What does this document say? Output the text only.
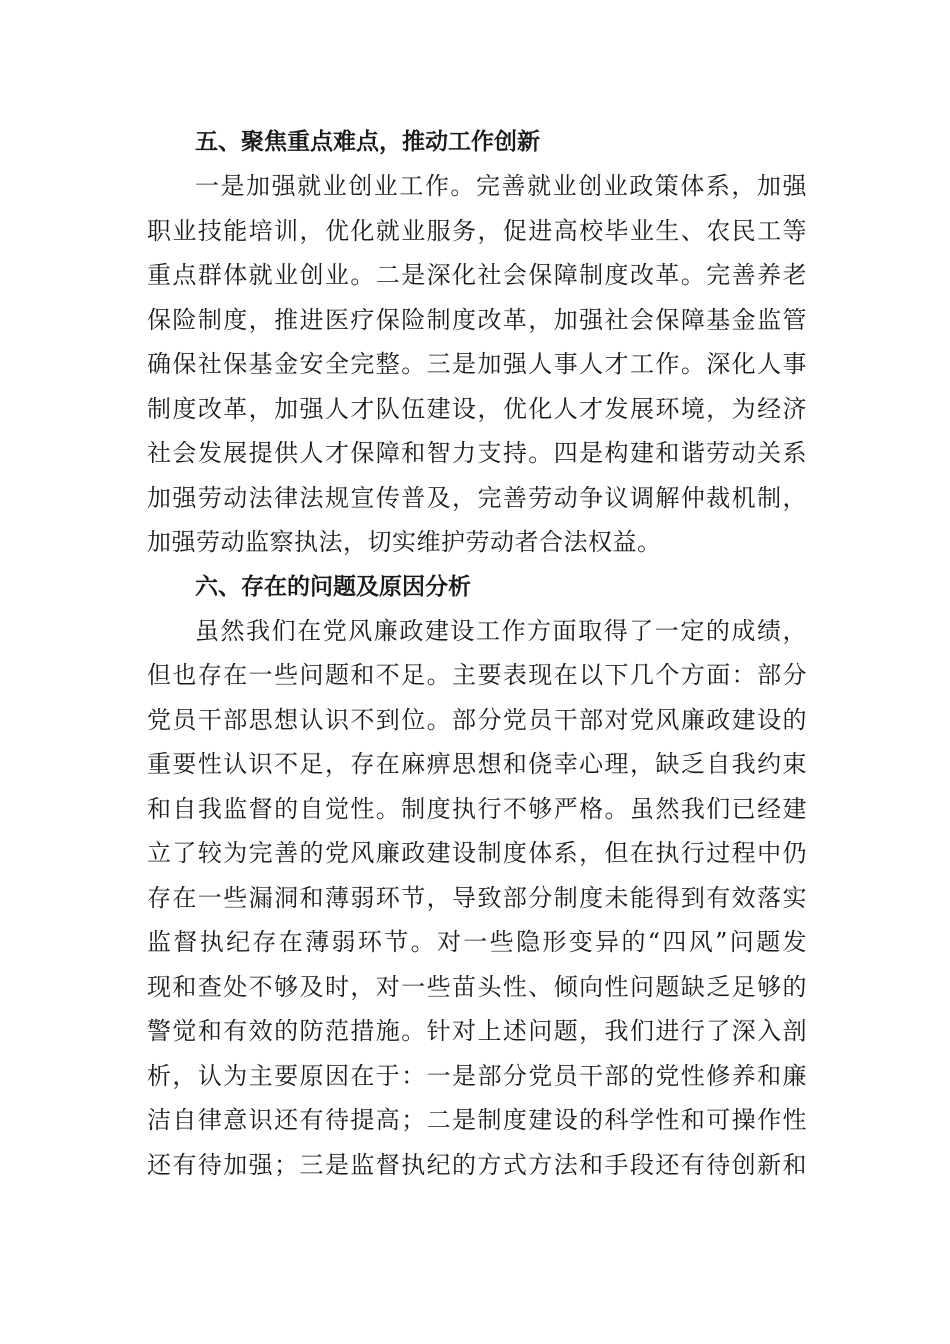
五、聚焦重点难点，推动工作创新

一是加强就业创业工作。完善就业创业政策体系，加强
职业技能培训，优化就业服务，促进高校毕业生、农民工等
重点群体就业创业。二是深化社会保障制度改革。完善养老
保险制度，推进医疗保险制度改革，加强社会保障基金监管
确保社保基金安全完整。三是加强人事人才工作。深化人事
制度改革，加强人才队伍建设，优化人才发展环境，为经济
社会发展提供人才保障和智力支持。四是构建和谐劳动关系
加强劳动法律法规宣传普及，完善劳动争议调解仲裁机制，
加强劳动监察执法，切实维护劳动者合法权益。

六、存在的问题及原因分析

虽然我们在党风廉政建设工作方面取得了一定的成绩，
但也存在一些问题和不足。主要表现在以下几个方面：部分
党员干部思想认识不到位。部分党员干部对党风廉政建设的
重要性认识不足，存在麻痹思想和侥幸心理，缺乏自我约束
和自我监督的自觉性。制度执行不够严格。虽然我们已经建
立了较为完善的党风廉政建设制度体系，但在执行过程中仍
存在一些漏洞和薄弱环节，导致部分制度未能得到有效落实
监督执纪存在薄弱环节。对一些隐形变异的“四风”问题发
现和查处不够及时，对一些苗头性、倾向性问题缺乏足够的
警觉和有效的防范措施。针对上述问题，我们进行了深入剖
析，认为主要原因在于：一是部分党员干部的党性修养和廉
洁自律意识还有待提高；二是制度建设的科学性和可操作性
还有待加强；三是监督执纪的方式方法和手段还有待创新和
